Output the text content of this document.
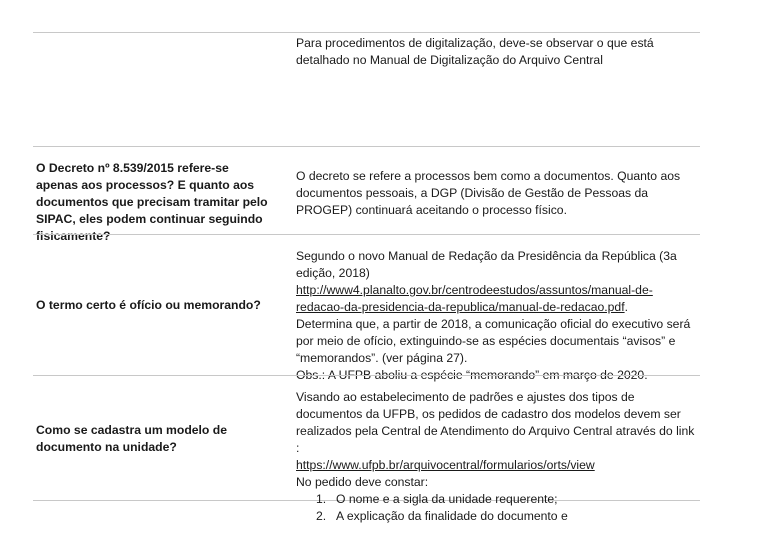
Para procedimentos de digitalização, deve-se observar o que está detalhado no Manual de Digitalização do Arquivo Central

O Decreto nº 8.539/2015 refere-se apenas aos processos? E quanto aos documentos que precisam tramitar pelo SIPAC, eles podem continuar seguindo fisicamente?

O decreto se refere a processos bem como a documentos. Quanto aos documentos pessoais, a DGP (Divisão de Gestão de Pessoas da PROGEP) continuará aceitando o processo físico.

O termo certo é ofício ou memorando?

Segundo o novo Manual de Redação da Presidência da República (3a edição, 2018) http://www4.planalto.gov.br/centrodeestudos/assuntos/manual-de-redacao-da-presidencia-da-republica/manual-de-redacao.pdf.

Determina que, a partir de 2018, a comunicação oficial do executivo será por meio de ofício, extinguindo-se as espécies documentais “avisos” e “memorandos”. (ver página 27).

Obs.: A UFPB aboliu a espécie “memorando” em março de 2020.

Como se cadastra um modelo de documento na unidade?

Visando ao estabelecimento de padrões e ajustes dos tipos de documentos da UFPB, os pedidos de cadastro dos modelos devem ser realizados pela Central de Atendimento do Arquivo Central através do link :

https://www.ufpb.br/arquivocentral/formularios/orts/view

No pedido deve constar:

1. O nome e a sigla da unidade requerente;
2. A explicação da finalidade do documento e
